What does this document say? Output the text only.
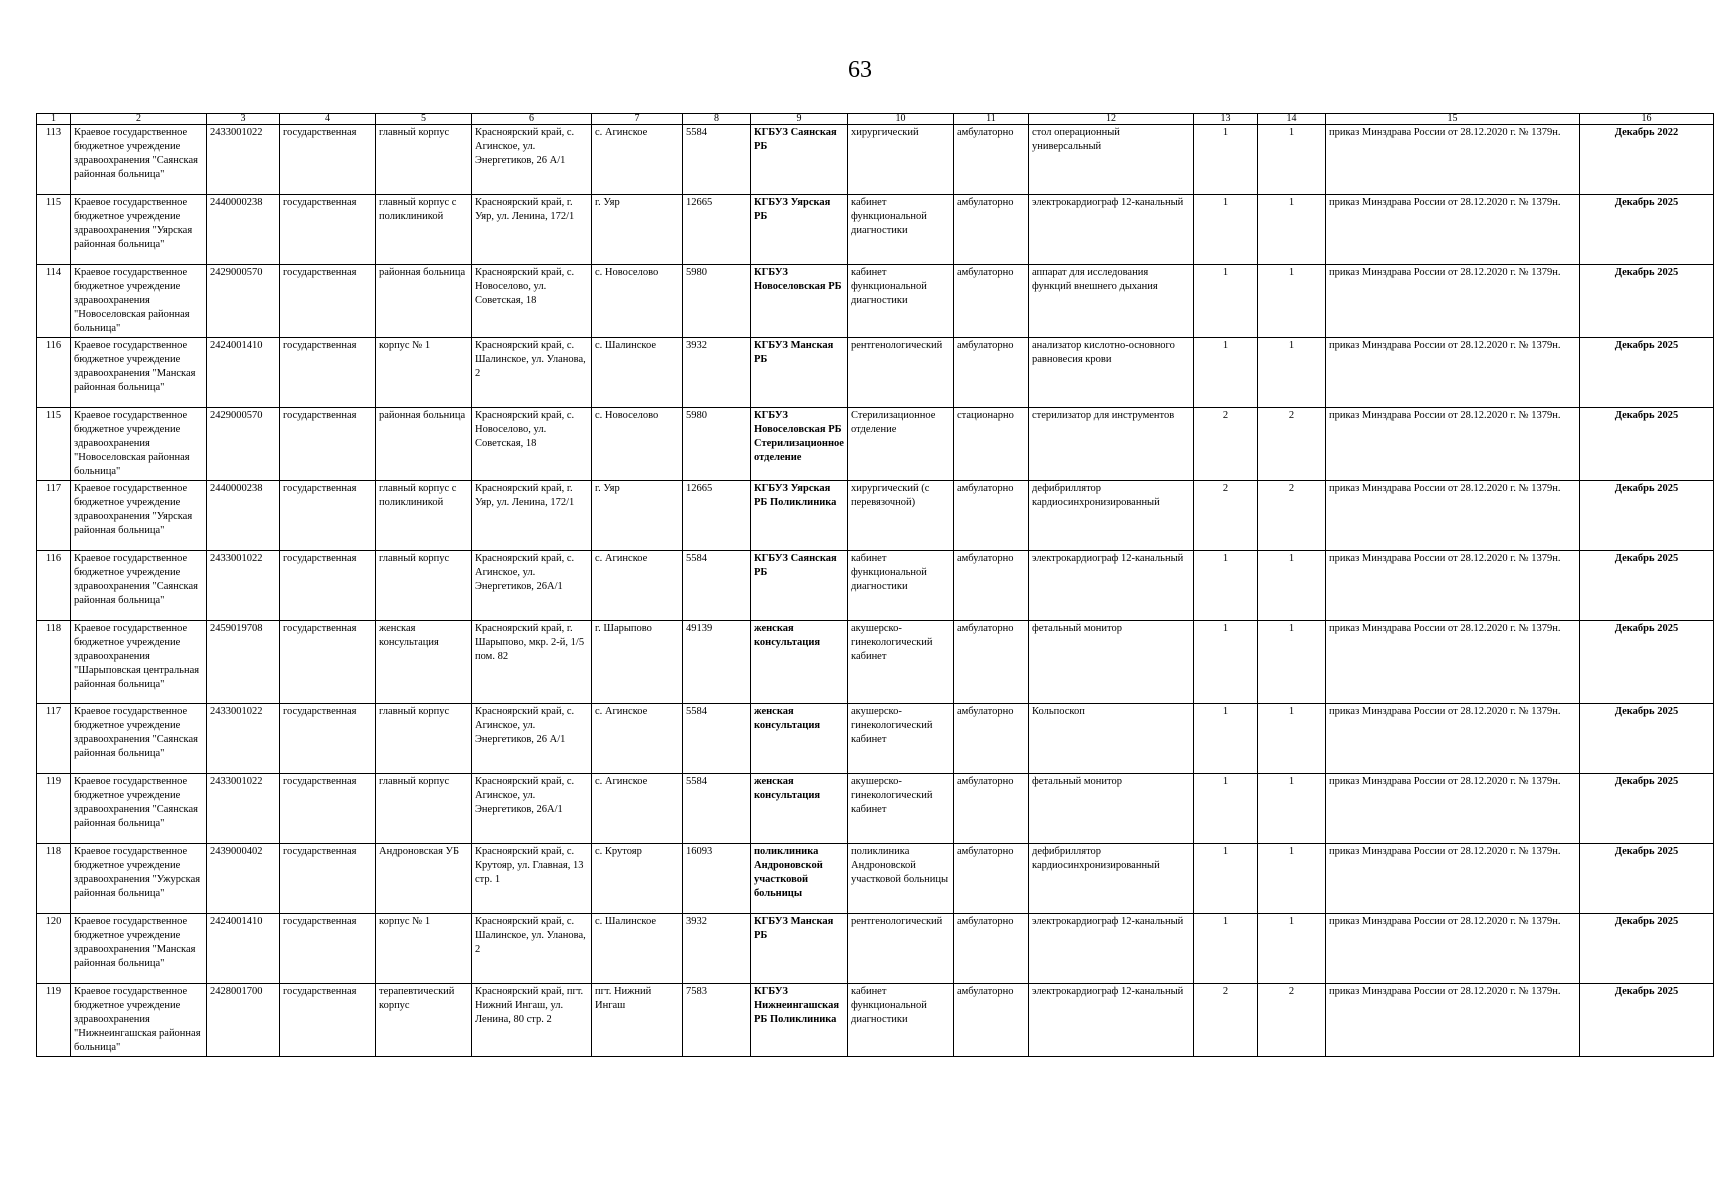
63
1	2	3	4	5	6	7	8	9	10	11	12	13	14	15	16
113	Краевое государственное бюджетное учреждение здравоохранения "Саянская районная больница"	2433001022	государственная	главный корпус	Красноярский край, с. Агинское, ул. Энергетиков, 26 А/1	с. Агинское	5584	КГБУЗ Саянская РБ	хирургический	амбулаторно	стол операционный универсальный	1	1	приказ Минздрава России от 28.12.2020 г. № 1379н.	Декабрь 2022
115	Краевое государственное бюджетное учреждение здравоохранения "Уярская районная больница"	2440000238	государственная	главный корпус с поликлиникой	Красноярский край, г. Уяр, ул. Ленина, 172/1	г. Уяр	12665	КГБУЗ Уярская РБ	кабинет функциональной диагностики	амбулаторно	электрокардиограф 12-канальный	1	1	приказ Минздрава России от 28.12.2020 г. № 1379н.	Декабрь 2025
114	Краевое государственное бюджетное учреждение здравоохранения "Новоселовская районная больница"	2429000570	государственная	районная больница	Красноярский край, с. Новоселово, ул. Советская, 18	с. Новоселово	5980	КГБУЗ Новоселовская РБ	кабинет функциональной диагностики	амбулаторно	аппарат для исследования функций внешнего дыхания	1	1	приказ Минздрава России от 28.12.2020 г. № 1379н.	Декабрь 2025
116	Краевое государственное бюджетное учреждение здравоохранения "Манская районная больница"	2424001410	государственная	корпус № 1	Красноярский край, с. Шалинское, ул. Уланова, 2	с. Шалинское	3932	КГБУЗ Манская РБ	рентгенологический	амбулаторно	анализатор кислотно-основного равновесия крови	1	1	приказ Минздрава России от 28.12.2020 г. № 1379н.	Декабрь 2025
115	Краевое государственное бюджетное учреждение здравоохранения "Новоселовская районная больница"	2429000570	государственная	районная больница	Красноярский край, с. Новоселово, ул. Советская, 18	с. Новоселово	5980	КГБУЗ Новоселовская РБ Стерилизационное отделение	Стерилизационное отделение	стационарно	стерилизатор для инструментов	2	2	приказ Минздрава России от 28.12.2020 г. № 1379н.	Декабрь 2025
117	Краевое государственное бюджетное учреждение здравоохранения "Уярская районная больница"	2440000238	государственная	главный корпус с поликлиникой	Красноярский край, г. Уяр, ул. Ленина, 172/1	г. Уяр	12665	КГБУЗ Уярская РБ Поликлиника	хирургический (с перевязочной)	амбулаторно	дефибриллятор кардиосинхронизированный	2	2	приказ Минздрава России от 28.12.2020 г. № 1379н.	Декабрь 2025
116	Краевое государственное бюджетное учреждение здравоохранения "Саянская районная больница"	2433001022	государственная	главный корпус	Красноярский край, с. Агинское, ул. Энергетиков, 26А/1	с. Агинское	5584	КГБУЗ Саянская РБ	кабинет функциональной диагностики	амбулаторно	электрокардиограф 12-канальный	1	1	приказ Минздрава России от 28.12.2020 г. № 1379н.	Декабрь 2025
118	Краевое государственное бюджетное учреждение здравоохранения "Шарыповская центральная районная больница"	2459019708	государственная	женская консультация	Красноярский край, г. Шарыпово, мкр. 2-й, 1/5 пом. 82	г. Шарыпово	49139	женская консультация	акушерско-гинекологический кабинет	амбулаторно	фетальный монитор	1	1	приказ Минздрава России от 28.12.2020 г. № 1379н.	Декабрь 2025
117	Краевое государственное бюджетное учреждение здравоохранения "Саянская районная больница"	2433001022	государственная	главный корпус	Красноярский край, с. Агинское, ул. Энергетиков, 26 А/1	с. Агинское	5584	женская консультация	акушерско-гинекологический кабинет	амбулаторно	Кольпоскоп	1	1	приказ Минздрава России от 28.12.2020 г. № 1379н.	Декабрь 2025
119	Краевое государственное бюджетное учреждение здравоохранения "Саянская районная больница"	2433001022	государственная	главный корпус	Красноярский край, с. Агинское, ул. Энергетиков, 26А/1	с. Агинское	5584	женская консультация	акушерско-гинекологический кабинет	амбулаторно	фетальный монитор	1	1	приказ Минздрава России от 28.12.2020 г. № 1379н.	Декабрь 2025
118	Краевое государственное бюджетное учреждение здравоохранения "Ужурская районная больница"	2439000402	государственная	Андроновская УБ	Красноярский край, с. Крутояр, ул. Главная, 13 стр. 1	с. Крутояр	16093	поликлиника Андроновской участковой больницы	поликлиника Андроновской участковой больницы	амбулаторно	дефибриллятор кардиосинхронизированный	1	1	приказ Минздрава России от 28.12.2020 г. № 1379н.	Декабрь 2025
120	Краевое государственное бюджетное учреждение здравоохранения "Манская районная больница"	2424001410	государственная	корпус № 1	Красноярский край, с. Шалинское, ул. Уланова, 2	с. Шалинское	3932	КГБУЗ Манская РБ	рентгенологический	амбулаторно	электрокардиограф 12-канальный	1	1	приказ Минздрава России от 28.12.2020 г. № 1379н.	Декабрь 2025
119	Краевое государственное бюджетное учреждение здравоохранения "Нижнеингашская районная больница"	2428001700	государственная	терапевтический корпус	Красноярский край, пгт. Нижний Ингаш, ул. Ленина, 80 стр. 2	пгт. Нижний Ингаш	7583	КГБУЗ Нижнеингашская РБ Поликлиника	кабинет функциональной диагностики	амбулаторно	электрокардиограф 12-канальный	2	2	приказ Минздрава России от 28.12.2020 г. № 1379н.	Декабрь 2025
